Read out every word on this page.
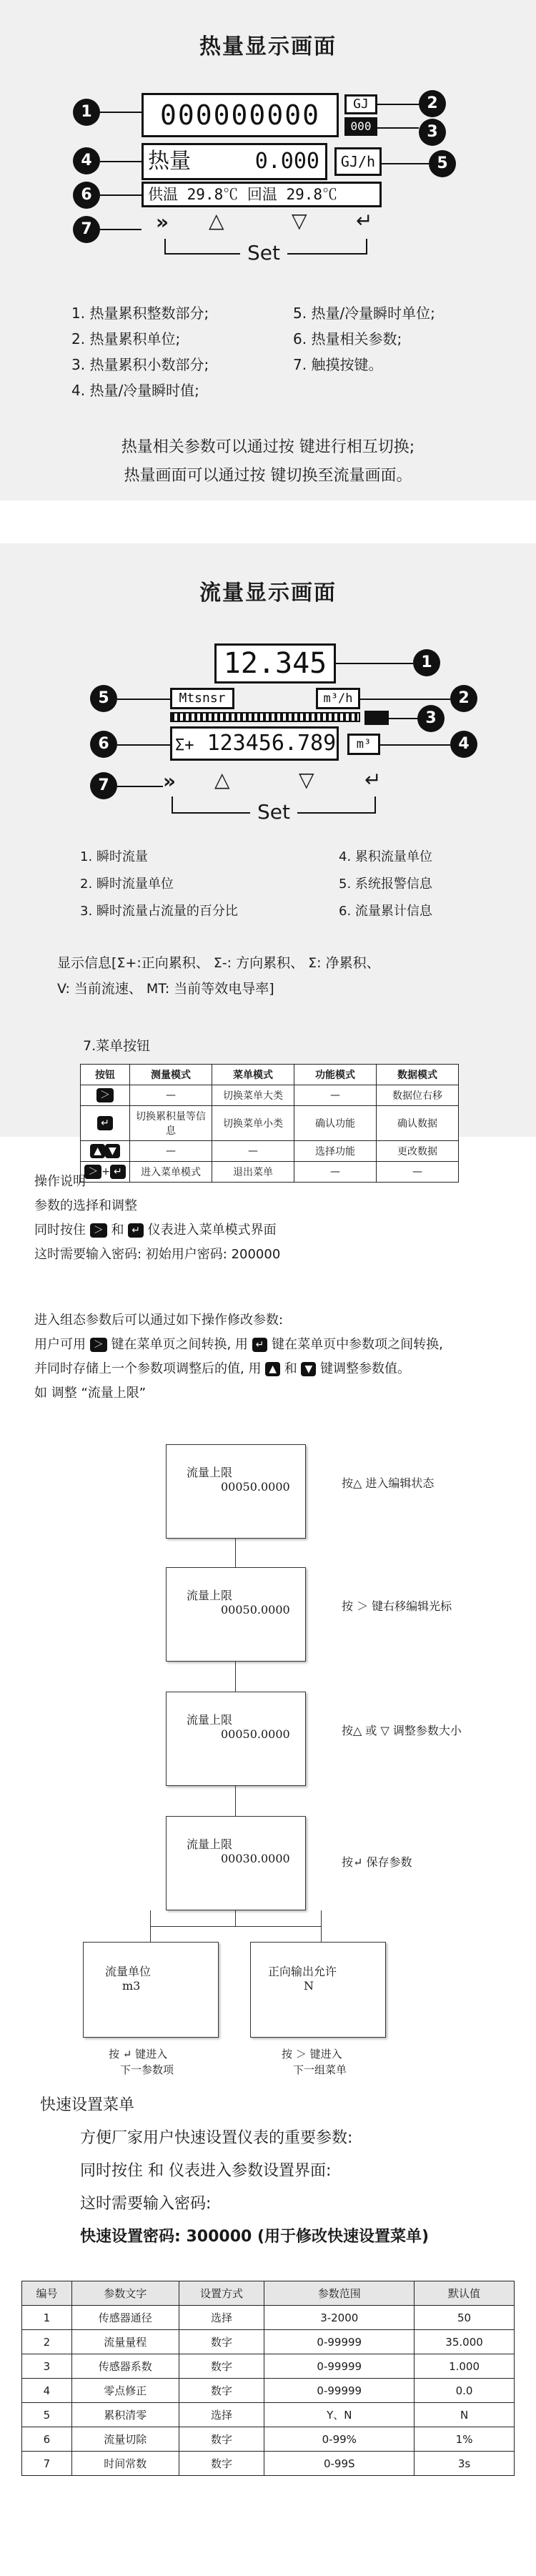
热量显示画面
000000000	GJ
000
热量	0.000	GJ/h
供温 29.8℃ 回温 29.8℃
1	2
3
4	5
6
7	» △	▽ ↵
Set
1. 热量累积整数部分;
2. 热量累积单位;
3. 热量累积小数部分;
4. 热量/冷量瞬时值;
5. 热量/冷量瞬时单位;
6. 热量相关参数;
7. 触摸按键。
热量相关参数可以通过按 键进行相互切换;
热量画面可以通过按 键切换至流量画面。
流量显示画面
12.345
Mtsnsr	m³/h
Σ+ 123456.789	m³
1
2
3
4
5
6
7	» △	▽	↵
Set
1. 瞬时流量
2. 瞬时流量单位
3. 瞬时流量占流量的百分比
4. 累积流量单位
5. 系统报警信息
6. 流量累计信息
显示信息[Σ+:正向累积、 Σ-: 方向累积、 Σ: 净累积、
V: 当前流速、 MT: 当前等效电导率]
7.菜单按钮
按钮	测量模式	菜单模式	功能模式	数据模式
＞	—	切换菜单大类	—	数据位右移
↵	切换累积量等信息	切换菜单小类	确认功能	确认数据
▲ ▼	—	—	选择功能	更改数据
＞ + ↵	进入菜单模式	退出菜单	—	—
操作说明
参数的选择和调整
同时按住 ＞ 和 ↵ 仪表进入菜单模式界面
这时需要输入密码: 初始用户密码: 200000
进入组态参数后可以通过如下操作修改参数:
用户可用 ＞ 键在菜单页之间转换, 用 ↵ 键在菜单页中参数项之间转换,
并同时存储上一个参数项调整后的值, 用 ▲ 和 ▼ 键调整参数值。
如 调整 “流量上限”
流量上限
00050.0000	按△ 进入编辑状态
流量上限
00050.0000	按 ＞ 键右移编辑光标
流量上限
00050.0000	按△ 或 ▽ 调整参数大小
流量上限
00030.0000	按↵ 保存参数
流量单位
m3
正向输出允许
N
按 ↵ 键进入
下一参数项
按 ＞ 键进入
下一组菜单
快速设置菜单
方便厂家用户快速设置仪表的重要参数:
同时按住 和 仪表进入参数设置界面:
这时需要输入密码:
快速设置密码: 300000 (用于修改快速设置菜单)
编号	参数文字	设置方式	参数范围	默认值
1	传感器通径	选择	3-2000	50
2	流量量程	数字	0-99999	35.000
3	传感器系数	数字	0-99999	1.000
4	零点修正	数字	0-99999	0.0
5	累积清零	选择	Y、N	N
6	流量切除	数字	0-99%	1%
7	时间常数	数字	0-99S	3s
